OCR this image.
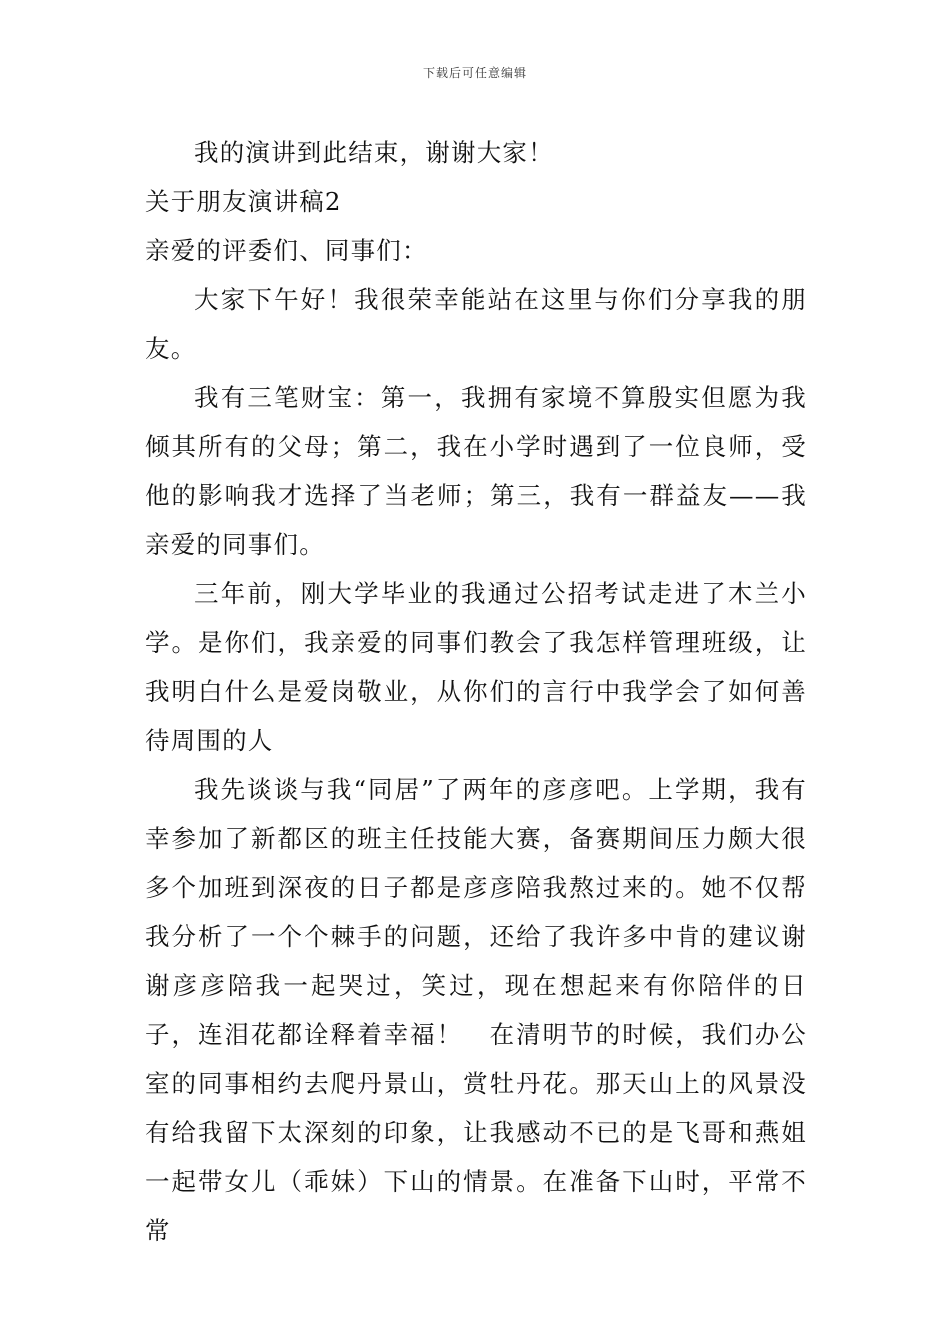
下载后可任意编辑

我的演讲到此结束，谢谢大家！

关于朋友演讲稿2

亲爱的评委们、同事们：

大家下午好！我很荣幸能站在这里与你们分享我的朋友。

我有三笔财宝：第一，我拥有家境不算殷实但愿为我倾其所有的父母；第二，我在小学时遇到了一位良师，受他的影响我才选择了当老师；第三，我有一群益友——我亲爱的同事们。

三年前，刚大学毕业的我通过公招考试走进了木兰小学。是你们，我亲爱的同事们教会了我怎样管理班级，让我明白什么是爱岗敬业，从你们的言行中我学会了如何善待周围的人

我先谈谈与我“同居”了两年的彦彦吧。上学期，我有幸参加了新都区的班主任技能大赛，备赛期间压力颇大很多个加班到深夜的日子都是彦彦陪我熬过来的。她不仅帮我分析了一个个棘手的问题，还给了我许多中肯的建议谢谢彦彦陪我一起哭过，笑过，现在想起来有你陪伴的日子，连泪花都诠释着幸福！　在清明节的时候，我们办公室的同事相约去爬丹景山，赏牡丹花。那天山上的风景没有给我留下太深刻的印象，让我感动不已的是飞哥和燕姐一起带女儿（乖妹）下山的情景。在准备下山时，平常不常
